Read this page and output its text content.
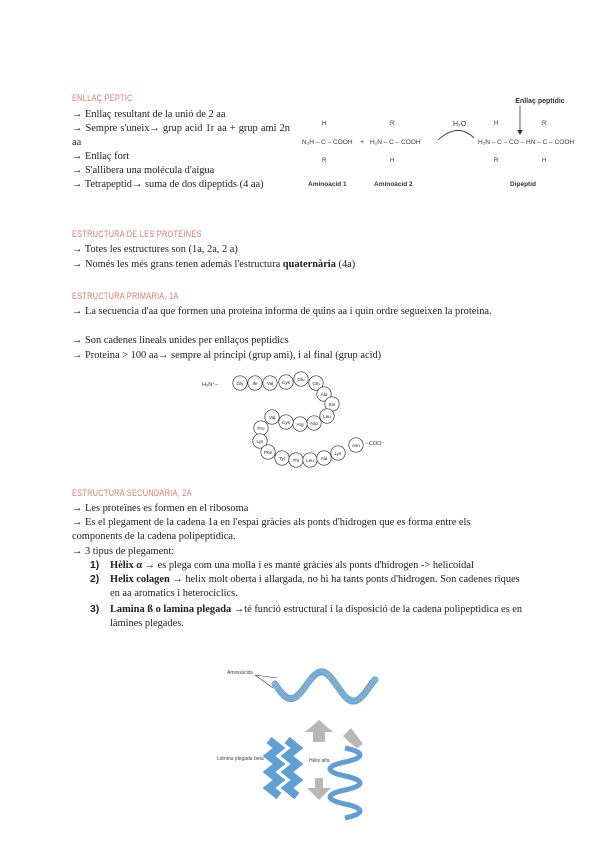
ENLLAÇ PEPTIC
→ Enllaç resultant de la unió de 2 aa
→ Sempre s'uneix→ grup acid 1r aa + grup ami 2n aa
→ Enllaç fort
→ S'allibera una molécula d'aigua
→ Tetrapeptid→ suma de dos dipeptids (4 aa)
Enllaç peptídic
H₂O
H	R'	H	R'
N₂H – C – COOH + H₂N – C – COOH	H₂N – C – CO – HN – C – COOH
R	H	R	H
Aminoàcid 1	Aminoàcid 2	Dipèptid
ESTRUCTURA DE LES PROTEÏNES
→ Totes les estructures son (1a, 2a, 2 a)
→ Només les més grans tenen además l'estructura quaternària (4a)
ESTRUCTURA PRIMARIA, 1A
→ La secuencia d'aa que formen una proteina informa de quins aa i quin ordre segueixen la proteina.
→ Son cadenes lineals unides per enllaços peptidics
→ Proteina > 100 aa→ sempre al principi (grup ami), i al final (grup acid)
H₃N⁺–
–COO⁻
Gly Ile Val Cys
Glu
Gln
Ala
Ser
Leu
Asp
Arg
Cys
Val
Pro
Lys
Phe
Tyr Thr Leu Ala
Lys
Asn
ESTRUCTURA SECUNDARIA, 2A
→ Les proteïnes es formen en el ribosoma
→ Es el plegament de la cadena 1a en l'espai gràcies als ponts d'hidrogen que es forma entre els components de la cadena polipeptídica.
→ 3 tipus de plegament:
1) Hèlix α → es plega com una molla i es manté gràcies als ponts d'hidrogen -> helicoidal
2) Helix colagen → helix molt oberta i allargada, no hi ha tants ponts d'hidrogen. Son cadenes riques en aa aromatics i heterociclics.
3) Lamina ß o lamina plegada →té funció estructural i la disposició de la cadena polipeptidica es en làmines plegades.
Aminoàcids
Làmina plegada beta	Hèlix alfa
